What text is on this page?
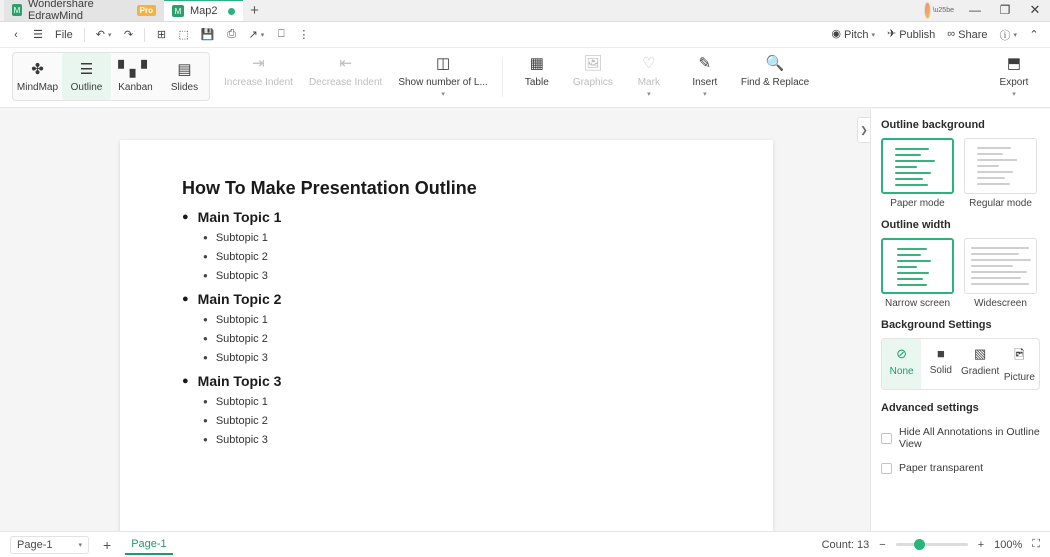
M Wondershare EdrawMind	Pro	M Map2	+	\u25be	—	❐	✕
‹	☰	File	↶ ▾	↷	⊞	⬚	💾	⎙	↗ ▾	⎕	⋮	◉ Pitch ▾ ✈ Publish ∞ Share	ⓘ ▾	⌃
✤
MindMap
☰
Outline
▘▖▘
Kanban
▤
Slides
⇥
Increase Indent
⇤
Decrease Indent
◫
Show number of L...
▾
▦
Table
🖼
Graphics
♡
Mark
▾
✎
Insert
▾
🔍
Find & Replace
⬒
Export
▾
How To Make Presentation Outline
● Main Topic 1
● Subtopic 1
● Subtopic 2
● Subtopic 3
● Main Topic 2
● Subtopic 1
● Subtopic 2
● Subtopic 3
● Main Topic 3
● Subtopic 1
● Subtopic 2
● Subtopic 3
❯ Outline background
Paper mode	Regular mode
Outline width
Narrow screen	Widescreen
Background Settings
⊘
None
■
Solid
▧
Gradient
🖻
Picture
Advanced settings
Hide All Annotations in Outline View
Paper transparent
Page-1	▾	+	Page-1	Count: 13 −	+ 100% ⛶
